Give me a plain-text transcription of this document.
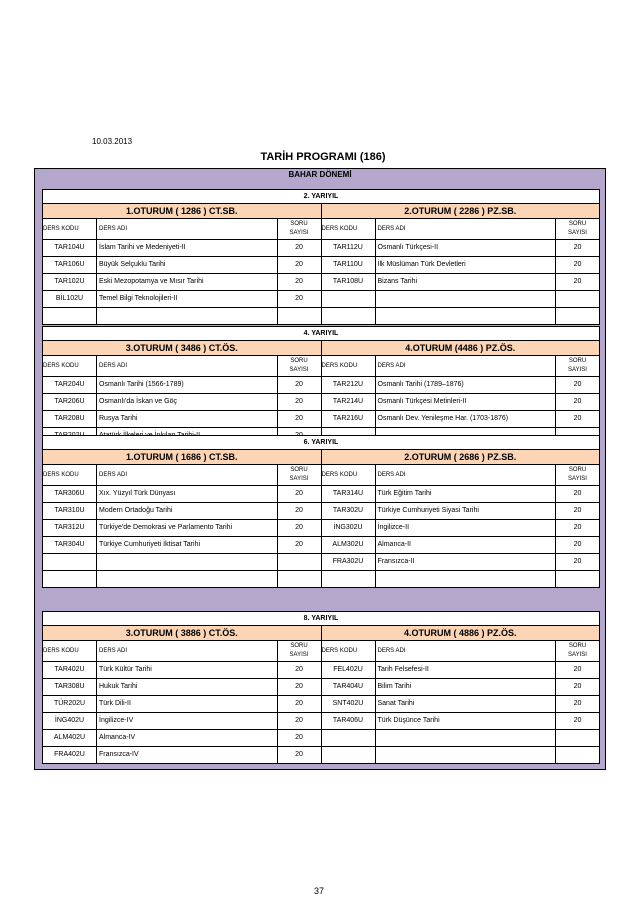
10.03.2013
TARİH PROGRAMI (186)
BAHAR DÖNEMİ
2. YARIYIL
1.OTURUM ( 1286 ) CT.SB.
DERS KODU	DERS ADI
SORU
SAYISI
TAR104U	İslam Tarihi ve Medeniyeti-II	20
TAR106U	Büyük Selçuklu Tarihi	20
TAR102U	Eski Mezopotamya ve Mısır Tarihi	20
BİL102U	Temel Bilgi Teknolojileri-II	20
2.OTURUM ( 2286 ) PZ.SB.
DERS KODU	DERS ADI
SORU
SAYISI
TAR112U	Osmanlı Türkçesi-II	20
TAR110U	İlk Müslüman Türk Devletleri	20
TAR108U	Bizans Tarihi	20
4. YARIYIL
3.OTURUM ( 3486 ) CT.ÖS.
DERS KODU	DERS ADI
SORU
SAYISI
TAR204U	Osmanlı Tarihi (1566-1789)	20
TAR206U	Osmanlı'da İskan ve Göç	20
TAR208U	Rusya Tarihi	20
4.OTURUM (4486 ) PZ.ÖS.
DERS KODU	DERS ADI
SORU
SAYISI
TAR212U	Osmanlı Tarihi (1789–1876)	20
TAR214U	Osmanlı Türkçesi Metinleri-II	20
TAR216U	Osmanlı Dev. Yenileşme Har. (1703-1876)	20
6. YARIYIL
1.OTURUM ( 1686 ) CT.SB.
DERS KODU	DERS ADI
SORU
SAYISI
TAR306U	Xıx. Yüzyıl Türk Dünyası	20
TAR310U	Modern Ortadoğu Tarihi	20
TAR312U	Türkiye'de Demokrasi ve Parlamento Tarihi	20
TAR304U	Türkiye Cumhuriyeti İktisat Tarihi	20
2.OTURUM ( 2686 ) PZ.SB.
DERS KODU	DERS ADI
SORU
SAYISI
TAR314U	Türk Eğitim Tarihi	20
TAR302U	Türkiye Cumhuriyeti Siyasi Tarihi	20
İNG302U	İngilizce-II	20
ALM302U	Almanca-II	20
FRA302U	Fransızca-II	20
8. YARIYIL
3.OTURUM ( 3886 ) CT.ÖS.
DERS KODU	DERS ADI
SORU
SAYISI
TAR402U	Türk Kültür Tarihi	20
TAR308U	Hukuk Tarihi	20
TÜR202U	Türk Dili-II	20
İNG402U	İngilizce-IV	20
ALM402U	Almanca-IV	20
FRA402U	Fransızca-IV	20
4.OTURUM ( 4886 ) PZ.ÖS.
DERS KODU	DERS ADI
SORU
SAYISI
FEL402U	Tarih Felsefesi-II	20
TAR404U	Bilim Tarihi	20
SNT402U	Sanat Tarihi	20
TAR406U	Türk Düşünce Tarihi	20
37
